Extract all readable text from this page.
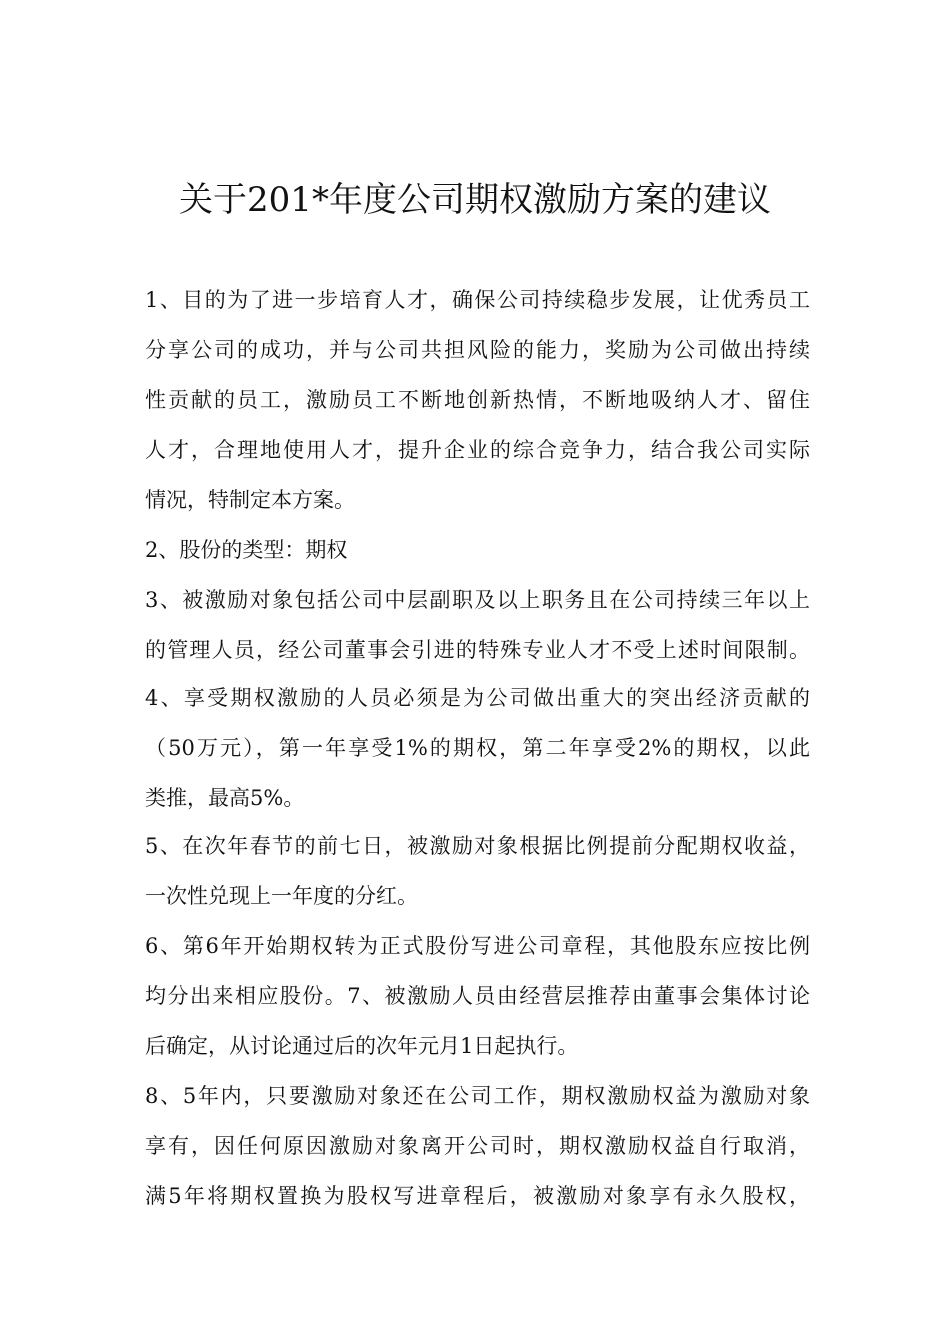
关于201*年度公司期权激励方案的建议

1、目的为了进一步培育人才，确保公司持续稳步发展，让优秀员工

分享公司的成功，并与公司共担风险的能力，奖励为公司做出持续

性贡献的员工，激励员工不断地创新热情，不断地吸纳人才、留住

人才，合理地使用人才，提升企业的综合竞争力，结合我公司实际

情况，特制定本方案。

2、股份的类型：期权

3、被激励对象包括公司中层副职及以上职务且在公司持续三年以上

的管理人员，经公司董事会引进的特殊专业人才不受上述时间限制。

4、享受期权激励的人员必须是为公司做出重大的突出经济贡献的

（50万元），第一年享受1%的期权，第二年享受2%的期权，以此

类推，最高5%。

5、在次年春节的前七日，被激励对象根据比例提前分配期权收益，

一次性兑现上一年度的分红。

6、第6年开始期权转为正式股份写进公司章程，其他股东应按比例

均分出来相应股份。7、被激励人员由经营层推荐由董事会集体讨论

后确定，从讨论通过后的次年元月1日起执行。

8、5年内，只要激励对象还在公司工作，期权激励权益为激励对象

享有，因任何原因激励对象离开公司时，期权激励权益自行取消，

满5年将期权置换为股权写进章程后，被激励对象享有永久股权，
